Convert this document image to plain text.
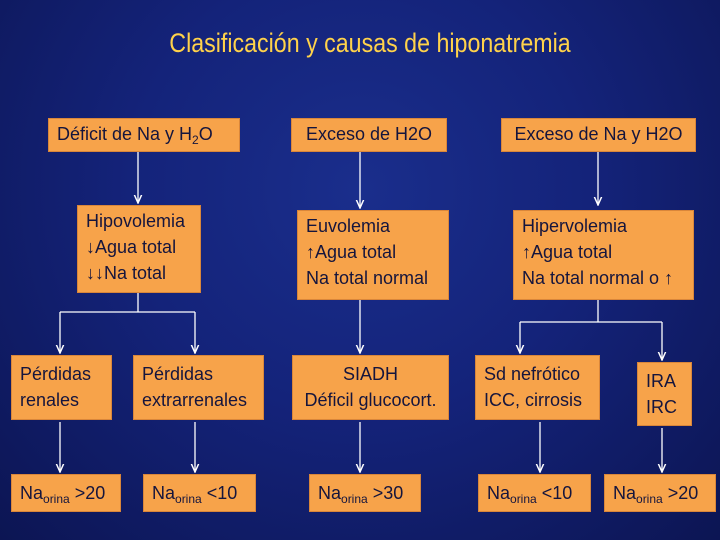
Clasificación y causas de hiponatremia
Déficit de Na y $H_2O$	Exceso de H2O	Exceso de Na y H2O
Hipovolemia
↓Agua total
↓↓Na total
Euvolemia
↑Agua total
Na total normal
Hipervolemia
↑Agua total
Na total normal o ↑
Pérdidas
renales
Pérdidas
extrarrenales
SIADH
Déficil glucocort.
Sd nefrótico
ICC, cirrosis
IRA
IRC
$Na_{orina} >20$	$Na_{orina} <10$	$Na_{orina} >30$	$Na_{orina} <10$	$Na_{orina} >20$
